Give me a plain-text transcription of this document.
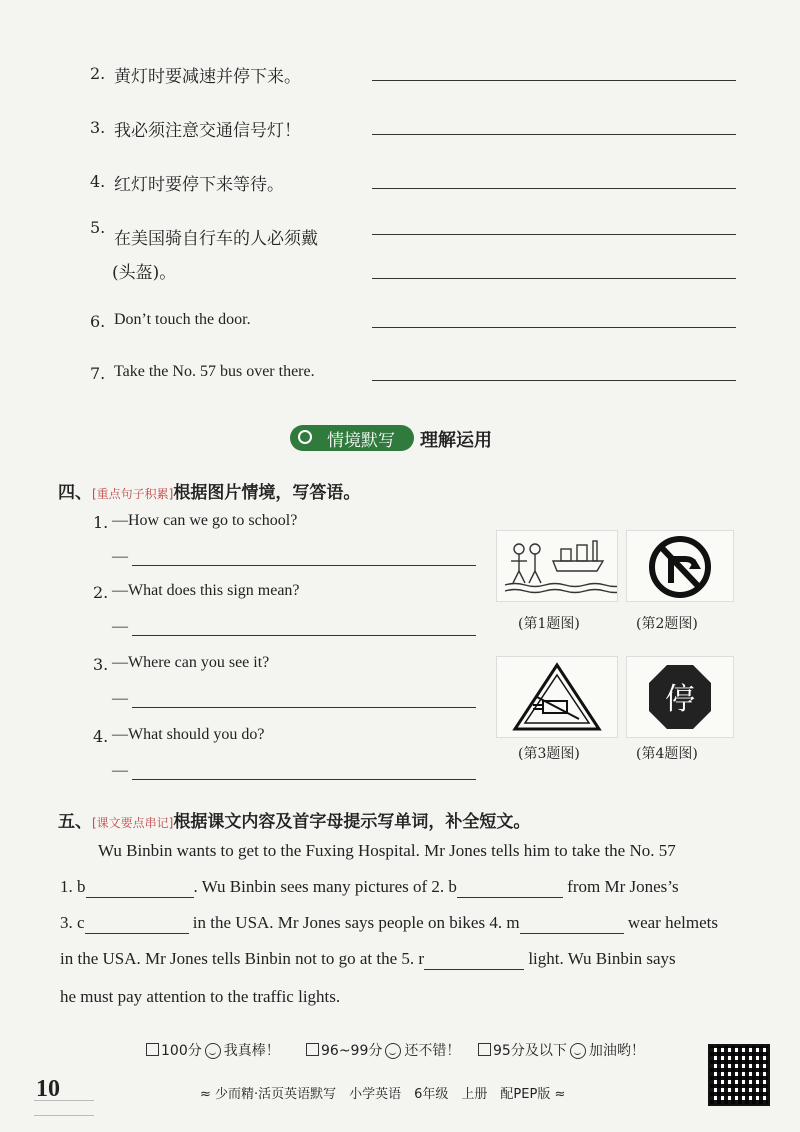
2. 黄灯时要减速并停下来。
3. 我必须注意交通信号灯！
4. 红灯时要停下来等待。
5.
在美国骑自行车的人必须戴
(头盔)。
6. Don’t touch the door.
7. Take the No. 57 bus over there.
情境默写 理解运用
四、[重点句子积累]根据图片情境，写答语。
1. —How can we go to school?
—
2. —What does this sign mean?
—
3. —Where can you see it?
—
4. —What should you do?
—
(第1题图)	(第2题图)
停
(第3题图)	(第4题图)
五、[课文要点串记]根据课文内容及首字母提示写单词，补全短文。
Wu Binbin wants to get to the Fuxing Hospital. Mr Jones tells him to take the No. 57
1. b	. Wu Binbin sees many pictures of 2. b	from Mr Jones’s
3. c	in the USA. Mr Jones says people on bikes 4. m	wear helmets
in the USA. Mr Jones tells Binbin not to go at the 5. r	light. Wu Binbin says
he must pay attention to the traffic lights.
100分 我真棒！	96~99分 还不错！	95分及以下 加油哟！
10	≈ 少而精·活页英语默写　小学英语　6年级　上册　配PEP版 ≈
